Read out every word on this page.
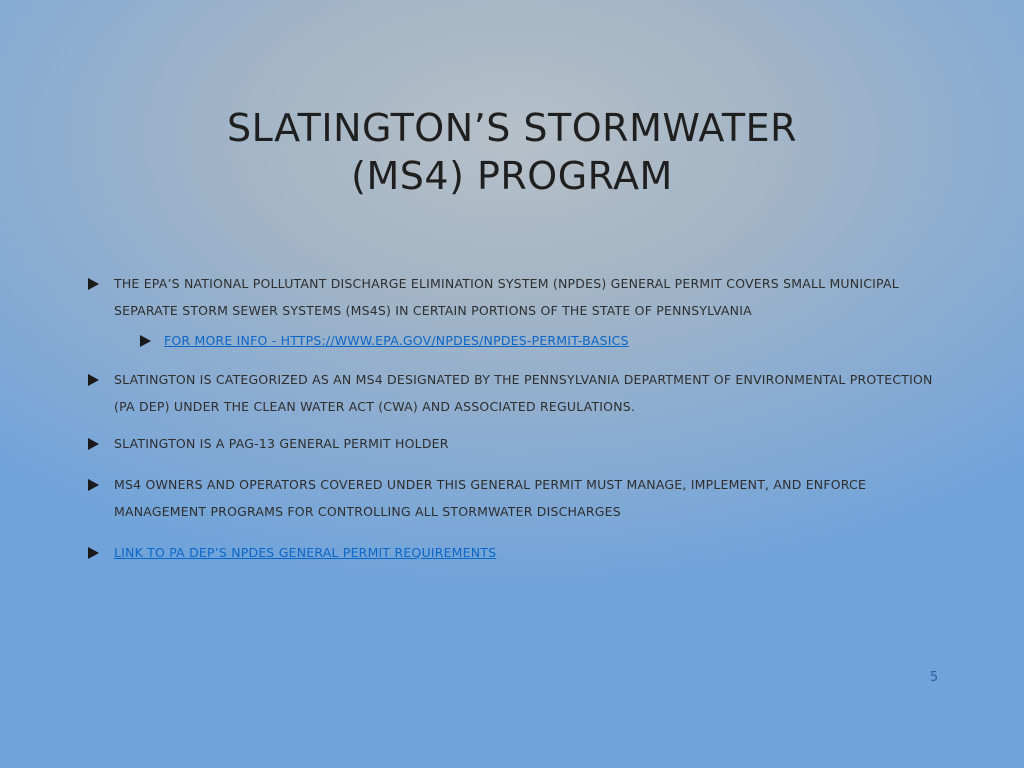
SLATINGTON’S STORMWATER
(MS4) PROGRAM
THE EPA’S NATIONAL POLLUTANT DISCHARGE ELIMINATION SYSTEM (NPDES) GENERAL PERMIT COVERS SMALL MUNICIPAL SEPARATE STORM SEWER SYSTEMS (MS4S) IN CERTAIN PORTIONS OF THE STATE OF PENNSYLVANIA
FOR MORE INFO - HTTPS://WWW.EPA.GOV/NPDES/NPDES-PERMIT-BASICS
SLATINGTON IS CATEGORIZED AS AN MS4 DESIGNATED BY THE PENNSYLVANIA DEPARTMENT OF ENVIRONMENTAL PROTECTION (PA DEP) UNDER THE CLEAN WATER ACT (CWA) AND ASSOCIATED REGULATIONS.
SLATINGTON IS A PAG-13 GENERAL PERMIT HOLDER
MS4 OWNERS AND OPERATORS COVERED UNDER THIS GENERAL PERMIT MUST MANAGE, IMPLEMENT, AND ENFORCE MANAGEMENT PROGRAMS FOR CONTROLLING ALL STORMWATER DISCHARGES
LINK TO PA DEP’S NPDES GENERAL PERMIT REQUIREMENTS
5
